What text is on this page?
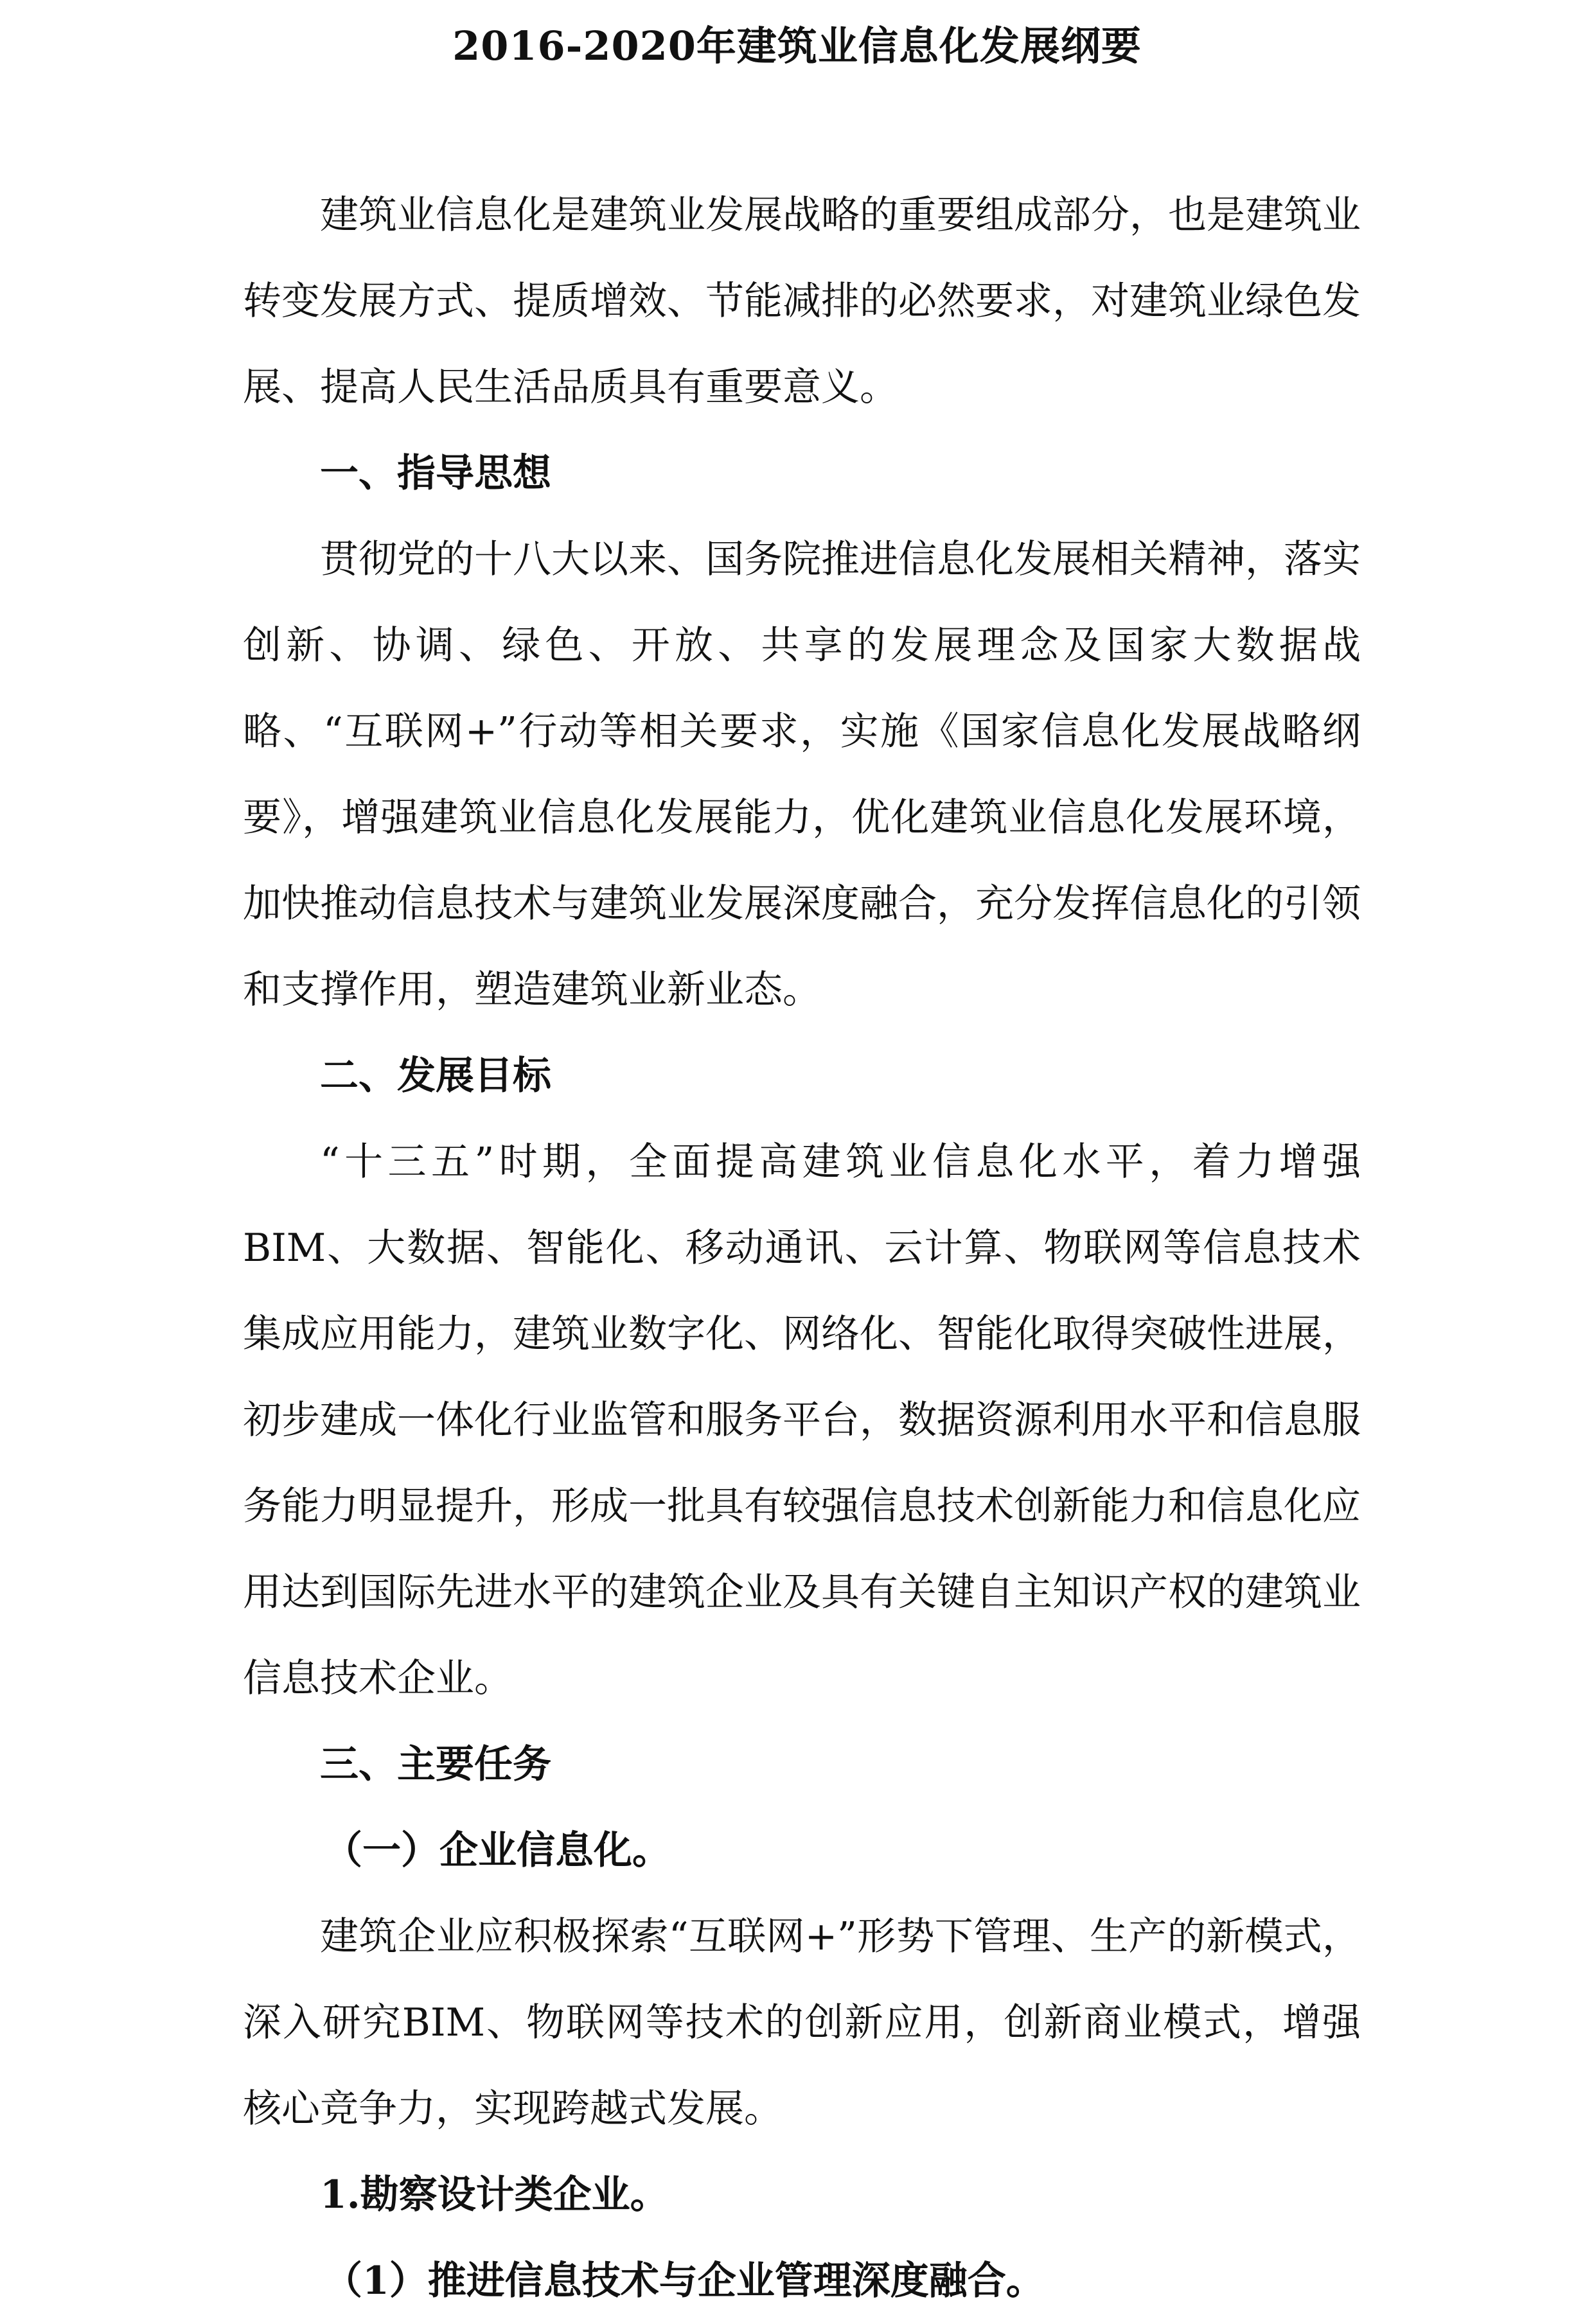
2016-2020年建筑业信息化发展纲要

建筑业信息化是建筑业发展战略的重要组成部分，也是建筑业转变发展方式、提质增效、节能减排的必然要求，对建筑业绿色发展、提高人民生活品质具有重要意义。

一、指导思想

贯彻党的十八大以来、国务院推进信息化发展相关精神，落实创新、协调、绿色、开放、共享的发展理念及国家大数据战略、“互联网+”行动等相关要求，实施《国家信息化发展战略纲要》，增强建筑业信息化发展能力，优化建筑业信息化发展环境，加快推动信息技术与建筑业发展深度融合，充分发挥信息化的引领和支撑作用，塑造建筑业新业态。

二、发展目标

“十三五”时期，全面提高建筑业信息化水平，着力增强BIM、大数据、智能化、移动通讯、云计算、物联网等信息技术集成应用能力，建筑业数字化、网络化、智能化取得突破性进展，初步建成一体化行业监管和服务平台，数据资源利用水平和信息服务能力明显提升，形成一批具有较强信息技术创新能力和信息化应用达到国际先进水平的建筑企业及具有关键自主知识产权的建筑业信息技术企业。

三、主要任务

（一）企业信息化。

建筑企业应积极探索“互联网+”形势下管理、生产的新模式，深入研究BIM、物联网等技术的创新应用，创新商业模式，增强核心竞争力，实现跨越式发展。

1.勘察设计类企业。

（1）推进信息技术与企业管理深度融合。
